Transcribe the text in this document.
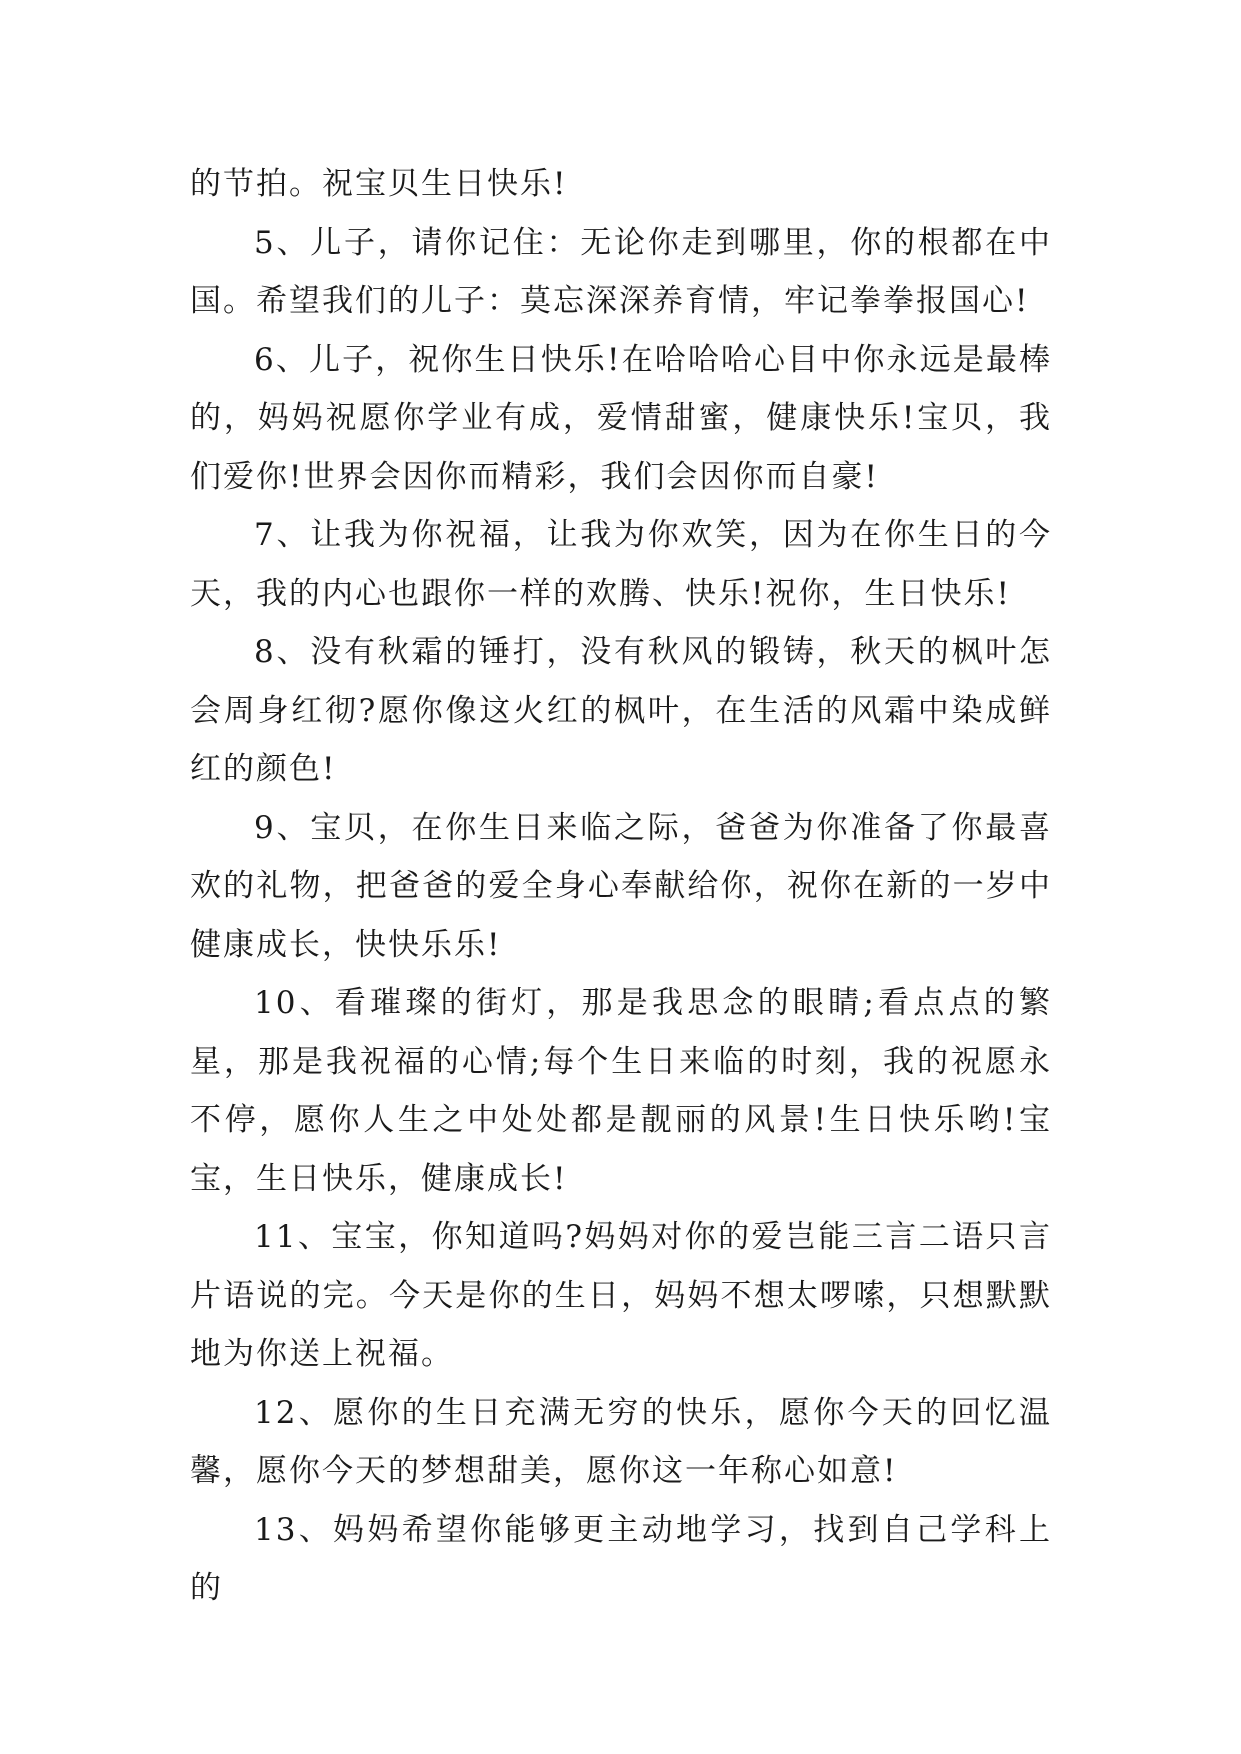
的节拍。祝宝贝生日快乐!

5、儿子，请你记住：无论你走到哪里，你的根都在中国。希望我们的儿子：莫忘深深养育情，牢记拳拳报国心!

6、儿子，祝你生日快乐!在哈哈哈心目中你永远是最棒的，妈妈祝愿你学业有成，爱情甜蜜，健康快乐!宝贝，我们爱你!世界会因你而精彩，我们会因你而自豪!

7、让我为你祝福，让我为你欢笑，因为在你生日的今天，我的内心也跟你一样的欢腾、快乐!祝你，生日快乐!

8、没有秋霜的锤打，没有秋风的锻铸，秋天的枫叶怎会周身红彻?愿你像这火红的枫叶，在生活的风霜中染成鲜红的颜色!

9、宝贝，在你生日来临之际，爸爸为你准备了你最喜欢的礼物，把爸爸的爱全身心奉献给你，祝你在新的一岁中健康成长，快快乐乐!

10、看璀璨的街灯，那是我思念的眼睛;看点点的繁星，那是我祝福的心情;每个生日来临的时刻，我的祝愿永不停，愿你人生之中处处都是靓丽的风景!生日快乐哟!宝宝，生日快乐，健康成长!

11、宝宝，你知道吗?妈妈对你的爱岂能三言二语只言片语说的完。今天是你的生日，妈妈不想太啰嗦，只想默默地为你送上祝福。

12、愿你的生日充满无穷的快乐，愿你今天的回忆温馨，愿你今天的梦想甜美，愿你这一年称心如意!

13、妈妈希望你能够更主动地学习，找到自己学科上的
